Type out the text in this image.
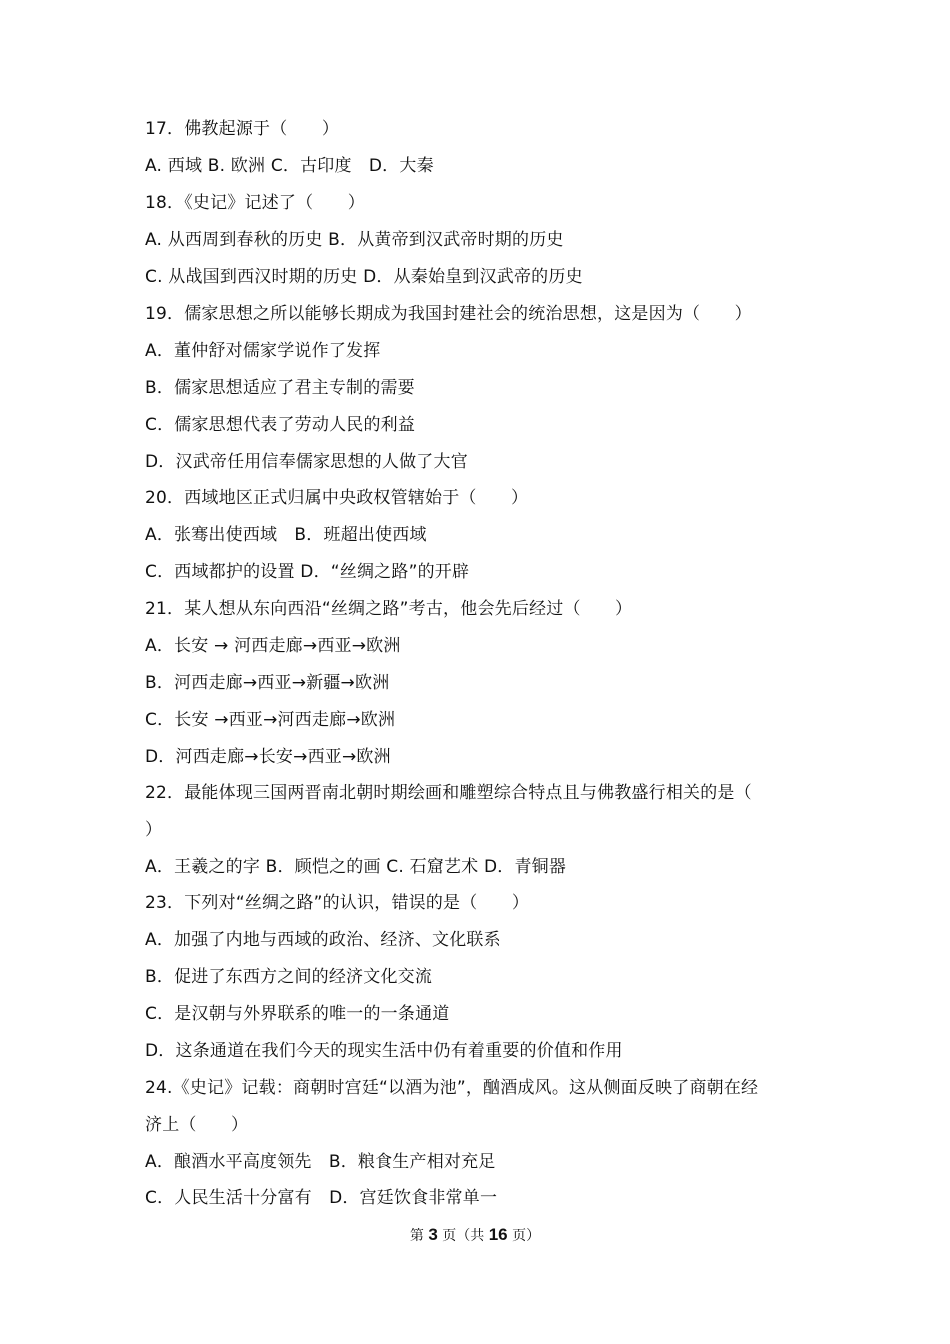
17．佛教起源于（　　）
A. 西域 B. 欧洲 C．古印度　D．大秦
18．《史记》记述了（　　）
A. 从西周到春秋的历史 B．从黄帝到汉武帝时期的历史
C. 从战国到西汉时期的历史 D．从秦始皇到汉武帝的历史
19．儒家思想之所以能够长期成为我国封建社会的统治思想，这是因为（　　）
A．董仲舒对儒家学说作了发挥
B．儒家思想适应了君主专制的需要
C．儒家思想代表了劳动人民的利益
D．汉武帝任用信奉儒家思想的人做了大官
20．西域地区正式归属中央政权管辖始于（　　）
A．张骞出使西域　B．班超出使西域
C．西域都护的设置 D．“丝绸之路”的开辟
21．某人想从东向西沿“丝绸之路”考古，他会先后经过（　　）
A．长安 → 河西走廊→西亚→欧洲
B．河西走廊→西亚→新疆→欧洲
C．长安 →西亚→河西走廊→欧洲
D．河西走廊→长安→西亚→欧洲
22．最能体现三国两晋南北朝时期绘画和雕塑综合特点且与佛教盛行相关的是（
）
A．王羲之的字 B．顾恺之的画 C. 石窟艺术 D．青铜器
23．下列对“丝绸之路”的认识，错误的是（　　）
A．加强了内地与西域的政治、经济、文化联系
B．促进了东西方之间的经济文化交流
C．是汉朝与外界联系的唯一的一条通道
D．这条通道在我们今天的现实生活中仍有着重要的价值和作用
24.《史记》记载：商朝时宫廷“以酒为池”，酗酒成风。这从侧面反映了商朝在经
济上（　　）
A．酿酒水平高度领先　B．粮食生产相对充足
C．人民生活十分富有　D．宫廷饮食非常单一
第 3 页（共 16 页）
